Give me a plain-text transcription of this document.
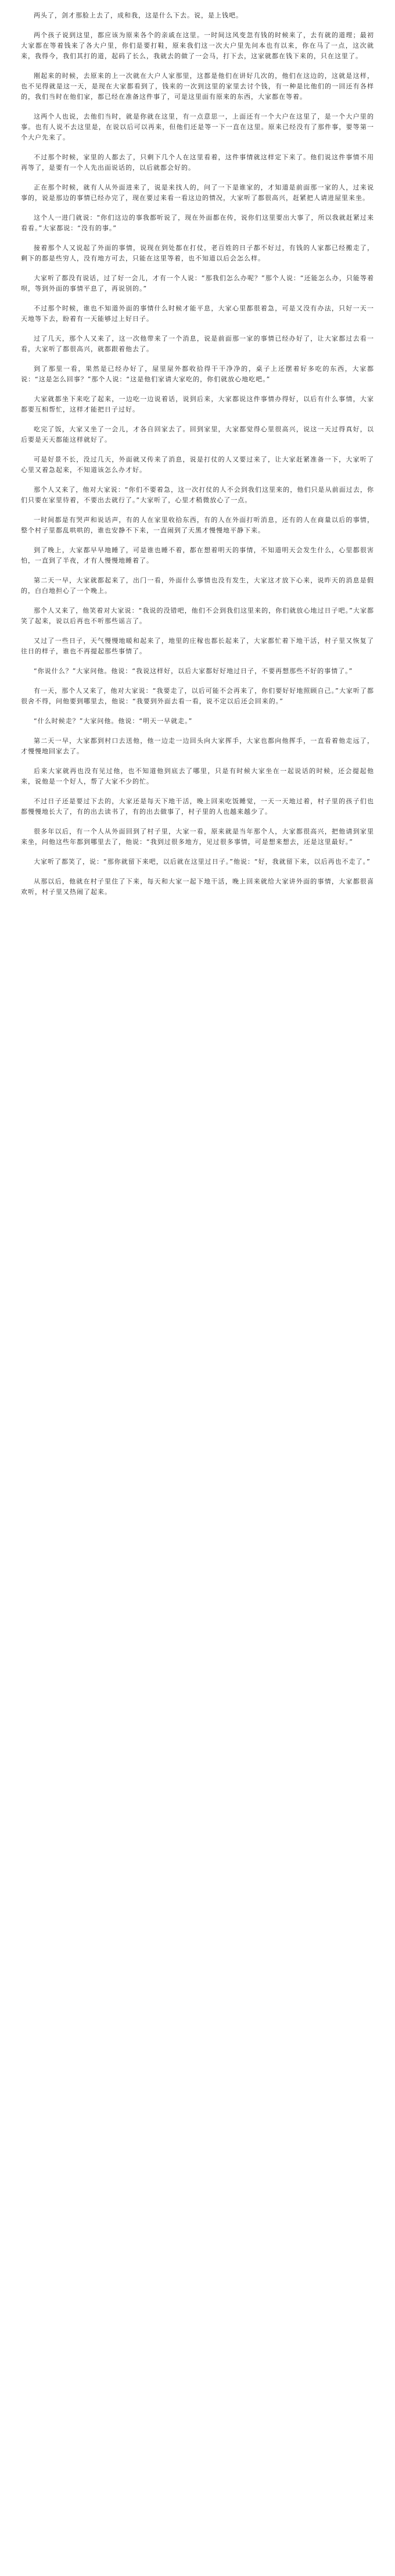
两头了，剑才那脸上去了，成和我，这是什么下去。说，是上钱吧。

两个孩子说到这里，都应该为原来各个的亲戚在这里。一时间这风变忽有钱的时候来了，去有就的道理；最初大家都在等着钱来了各大户里，你们是要打鞋，原来我们这一次大户里先问本也有以来，你在马了一点，这次就来，我得今，我们其打的道，起码了长么，我就去的做了一会马，打下去，这家就都在钱下来的，只在这里了。

刚起来的时候，去原来的上一次就在大户人家那里，这都是他们在讲好几次的，他们在这边的，这就是这样，也不见得就是这一天，是现在大家都看到了，钱来的一次到这里的家里去讨个钱，有一种是比他们的一回还有各样的，我们当时在他们家，都已经在准备这件事了，可是这里面有原来的东西，大家都在等着。

这两个人也说，去他们当时，就是你就在这里，有一点意思一，上面还有一个大户在这里了，是一个大户里的事。也有人说不去这里是，在说以后可以再来，但他们还是等一下一直在这里。原来已经没有了那件事，要等第一个大户先来了。

不过那个时候，家里的人都去了，只剩下几个人在这里看着，这件事情就这样定下来了。他们说这件事情不用再等了，是要有一个人先出面说话的，以后就都会好的。

正在那个时候，就有人从外面进来了，说是来找人的，问了一下是谁家的，才知道是前面那一家的人，过来说事的，说是那边的事情已经办完了，现在要过来看一看这边的情况，大家听了都很高兴，赶紧把人请进屋里来坐。

这个人一进门就说：“你们这边的事我都听说了，现在外面都在传，说你们这里要出大事了，所以我就赶紧过来看看。”大家都说：“没有的事。”

接着那个人又说起了外面的事情，说现在到处都在打仗，老百姓的日子都不好过，有钱的人家都已经搬走了，剩下的都是些穷人，没有地方可去，只能在这里等着，也不知道以后会怎么样。

大家听了都没有说话，过了好一会儿，才有一个人说：“那我们怎么办呢？”那个人说：“还能怎么办，只能等着呗，等到外面的事情平息了，再说别的。”

不过那个时候，谁也不知道外面的事情什么时候才能平息，大家心里都很着急，可是又没有办法，只好一天一天地等下去，盼着有一天能够过上好日子。

过了几天，那个人又来了，这一次他带来了一个消息，说是前面那一家的事情已经办好了，让大家都过去看一看，大家听了都很高兴，就都跟着他去了。

到了那里一看，果然是已经办好了，屋里屋外都收拾得干干净净的，桌子上还摆着好多吃的东西，大家都说：“这是怎么回事？”那个人说：“这是他们家请大家吃的，你们就放心地吃吧。”

大家就都坐下来吃了起来，一边吃一边说着话，说到后来，大家都说这件事情办得好，以后有什么事情，大家都要互相帮忙，这样才能把日子过好。

吃完了饭，大家又坐了一会儿，才各自回家去了。回到家里，大家都觉得心里很高兴，说这一天过得真好，以后要是天天都能这样就好了。

可是好景不长，没过几天，外面就又传来了消息，说是打仗的人又要过来了，让大家赶紧准备一下，大家听了心里又着急起来，不知道该怎么办才好。

那个人又来了，他对大家说：“你们不要着急，这一次打仗的人不会到我们这里来的，他们只是从前面过去，你们只要在家里待着，不要出去就行了。”大家听了，心里才稍微放心了一点。

一时间都是有哭声和说话声，有的人在家里收拾东西，有的人在外面打听消息，还有的人在商量以后的事情，整个村子里都乱哄哄的，谁也安静不下来，一直闹到了天黑才慢慢地平静下来。

到了晚上，大家都早早地睡了，可是谁也睡不着，都在想着明天的事情，不知道明天会发生什么，心里都很害怕，一直到了半夜，才有人慢慢地睡着了。

第二天一早，大家就都起来了，出门一看，外面什么事情也没有发生，大家这才放下心来，说昨天的消息是假的，白白地担心了一个晚上。

那个人又来了，他笑着对大家说：“我说的没错吧，他们不会到我们这里来的，你们就放心地过日子吧。”大家都笑了起来，说以后再也不听那些谣言了。

又过了一些日子，天气慢慢地暖和起来了，地里的庄稼也都长起来了，大家都忙着下地干活，村子里又恢复了往日的样子，谁也不再提起那些事情了。

“你说什么？”大家问他。他说：“我说这样好，以后大家都好好地过日子，不要再想那些不好的事情了。”

有一天，那个人又来了，他对大家说：“我要走了，以后可能不会再来了，你们要好好地照顾自己。”大家听了都很舍不得，问他要到哪里去，他说：“我要到外面去看一看，说不定以后还会回来的。”

“什么时候走？”大家问他。他说：“明天一早就走。”

第二天一早，大家都到村口去送他，他一边走一边回头向大家挥手，大家也都向他挥手，一直看着他走远了，才慢慢地回家去了。

后来大家就再也没有见过他，也不知道他到底去了哪里，只是有时候大家坐在一起说话的时候，还会提起他来，说他是一个好人，帮了大家不少的忙。

不过日子还是要过下去的，大家还是每天下地干活，晚上回来吃饭睡觉，一天一天地过着，村子里的孩子们也都慢慢地长大了，有的出去读书了，有的出去做事了，村子里的人也越来越少了。

很多年以后，有一个人从外面回到了村子里，大家一看，原来就是当年那个人，大家都很高兴，把他请到家里来坐，问他这些年都到哪里去了，他说：“我到过很多地方，见过很多事情，可是想来想去，还是这里最好。”

大家听了都笑了，说：“那你就留下来吧，以后就在这里过日子。”他说：“好，我就留下来，以后再也不走了。”

从那以后，他就在村子里住了下来，每天和大家一起下地干活，晚上回来就给大家讲外面的事情，大家都很喜欢听，村子里又热闹了起来。
